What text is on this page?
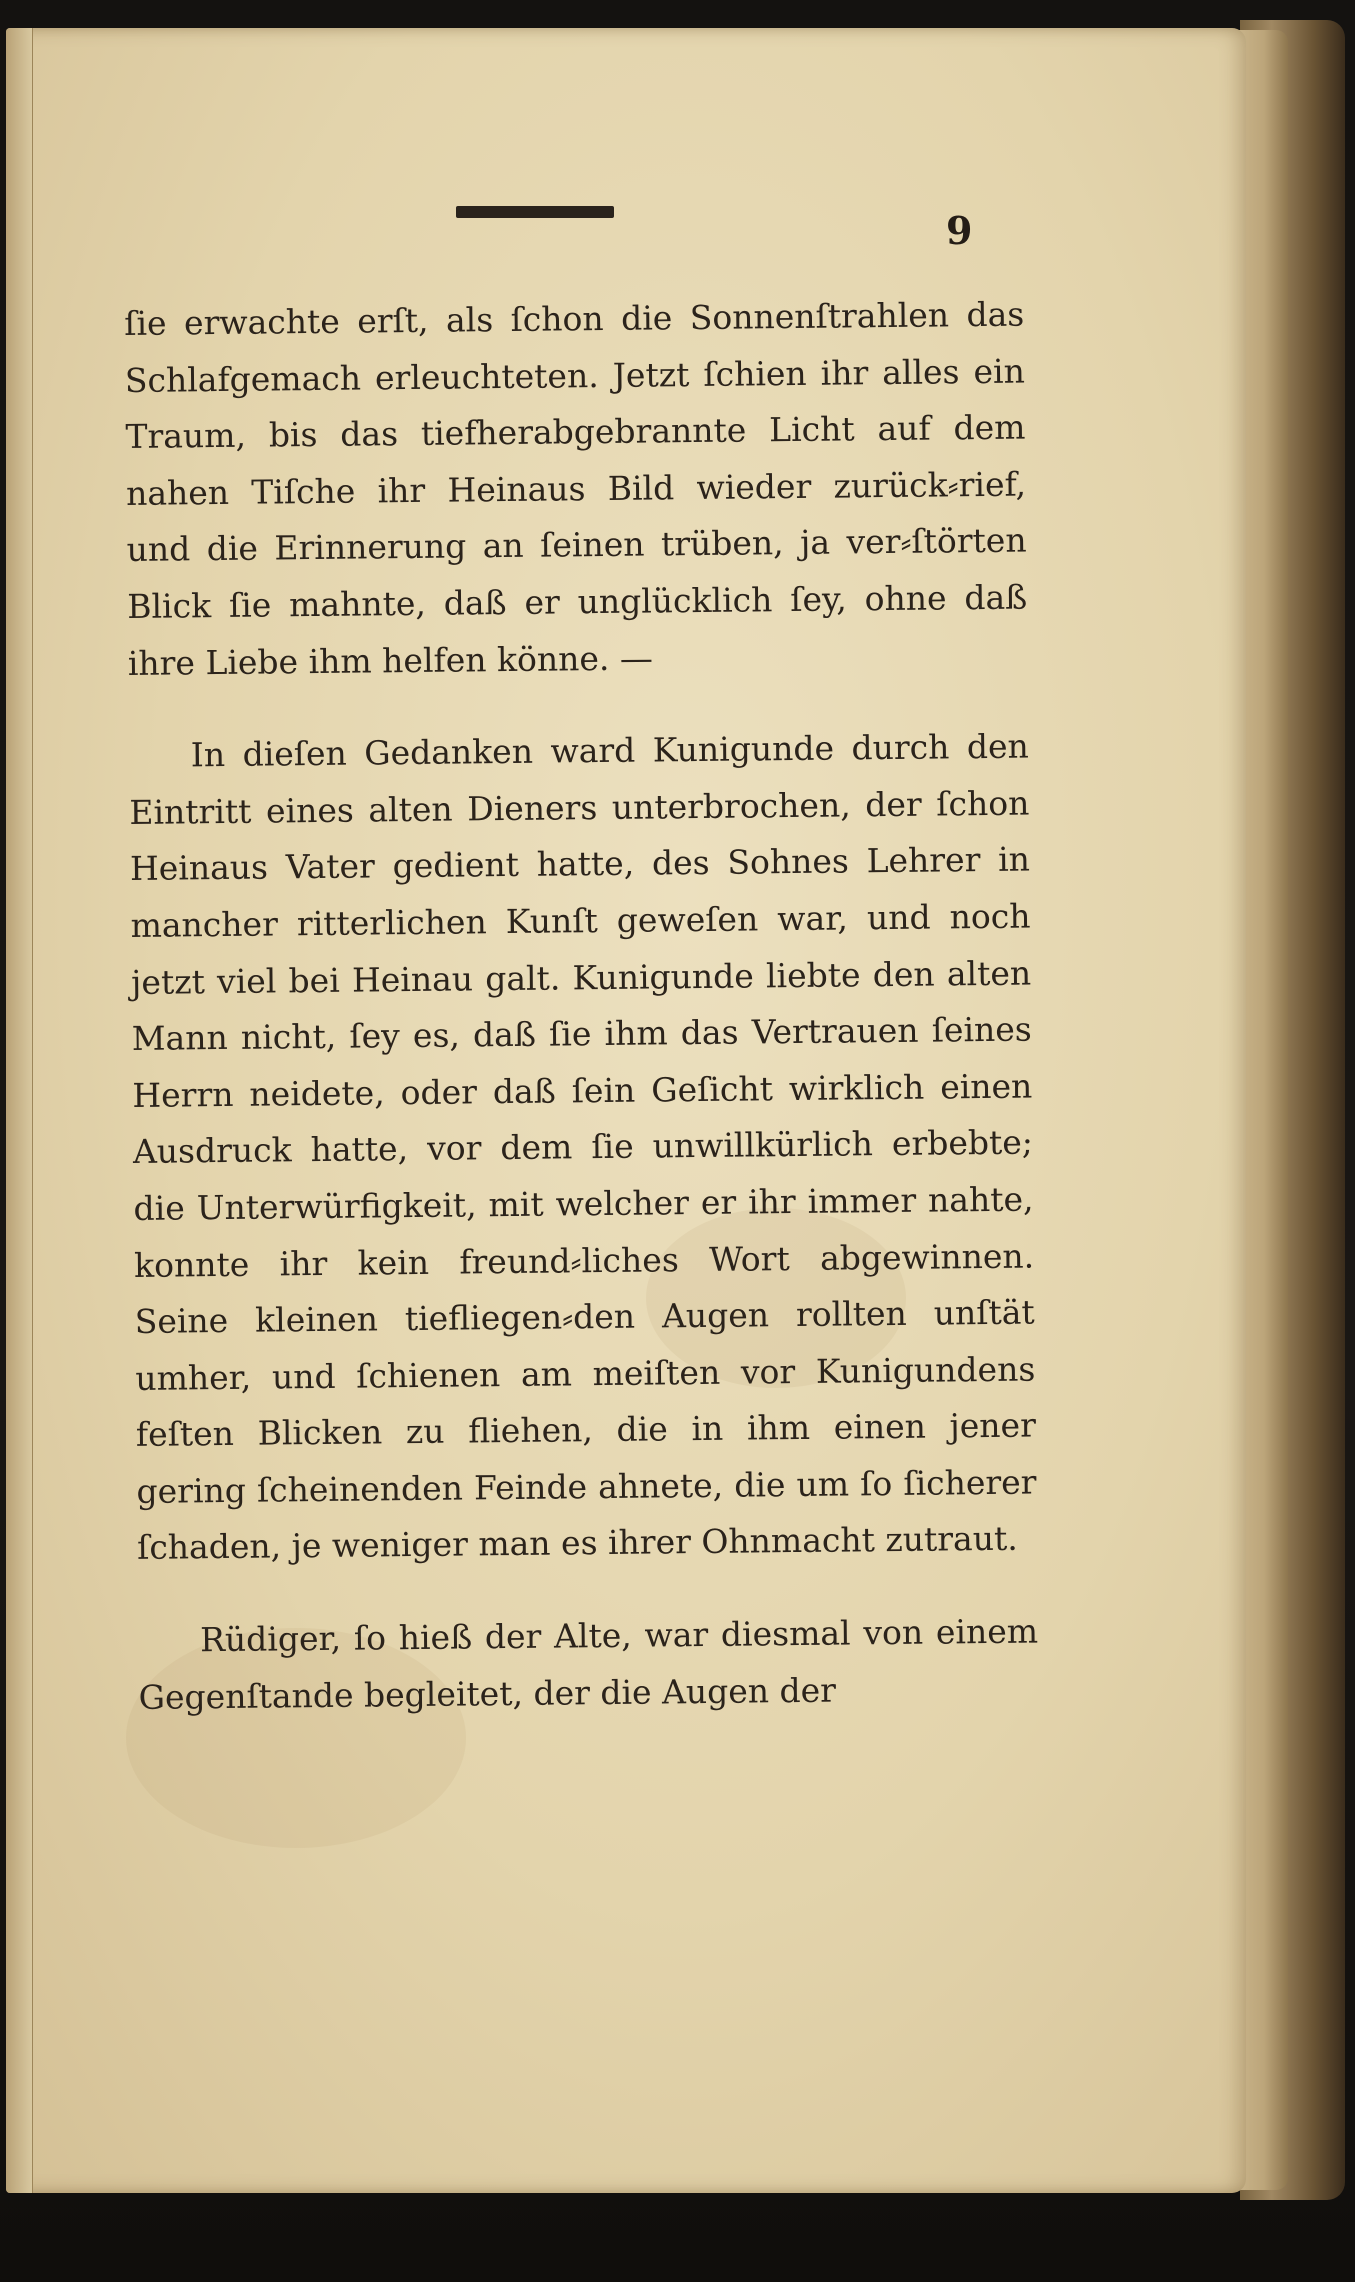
9

ſie erwachte erſt, als ſchon die Sonnenſtrahlen das Schlafgemach erleuchteten. Jetzt ſchien ihr alles ein Traum, bis das tiefherabgebrannte Licht auf dem nahen Tiſche ihr Heinaus Bild wieder zurück⸗rief, und die Erinnerung an ſeinen trüben, ja ver⸗ſtörten Blick ſie mahnte, daß er unglücklich ſey, ohne daß ihre Liebe ihm helfen könne. —

In dieſen Gedanken ward Kunigunde durch den Eintritt eines alten Dieners unterbrochen, der ſchon Heinaus Vater gedient hatte, des Sohnes Lehrer in mancher ritterlichen Kunſt geweſen war, und noch jetzt viel bei Heinau galt. Kunigunde liebte den alten Mann nicht, ſey es, daß ſie ihm das Vertrauen ſeines Herrn neidete, oder daß ſein Geſicht wirklich einen Ausdruck hatte, vor dem ſie unwillkürlich erbebte; die Unterwürfigkeit, mit welcher er ihr immer nahte, konnte ihr kein freund⸗liches Wort abgewinnen. Seine kleinen tiefliegen⸗den Augen rollten unſtät umher, und ſchienen am meiſten vor Kunigundens feſten Blicken zu fliehen, die in ihm einen jener gering ſcheinenden Feinde ahnete, die um ſo ſicherer ſchaden, je weniger man es ihrer Ohnmacht zutraut.

Rüdiger, ſo hieß der Alte, war diesmal von einem Gegenſtande begleitet, der die Augen der
